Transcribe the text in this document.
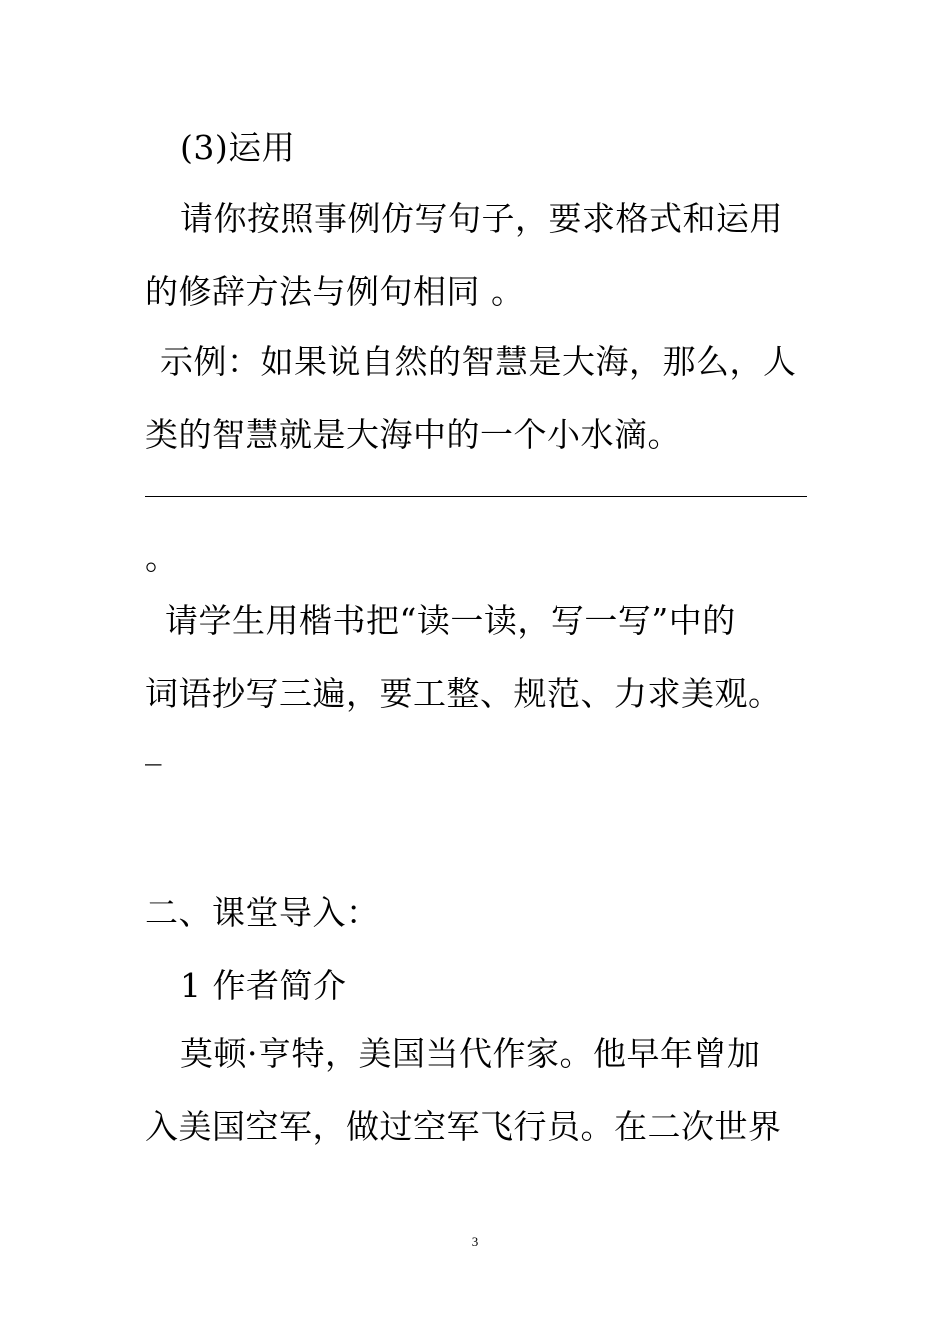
(3)运用
请你按照事例仿写句子，要求格式和运用
的修辞方法与例句相同 。
示例：如果说自然的智慧是大海，那么，人
类的智慧就是大海中的一个小水滴。
。
请学生用楷书把“读一读，写一写”中的
词语抄写三遍，要工整、规范、力求美观。
_
二、课堂导入：
1 作者简介
莫顿·亨特，美国当代作家。他早年曾加
入美国空军，做过空军飞行员。在二次世界
3
